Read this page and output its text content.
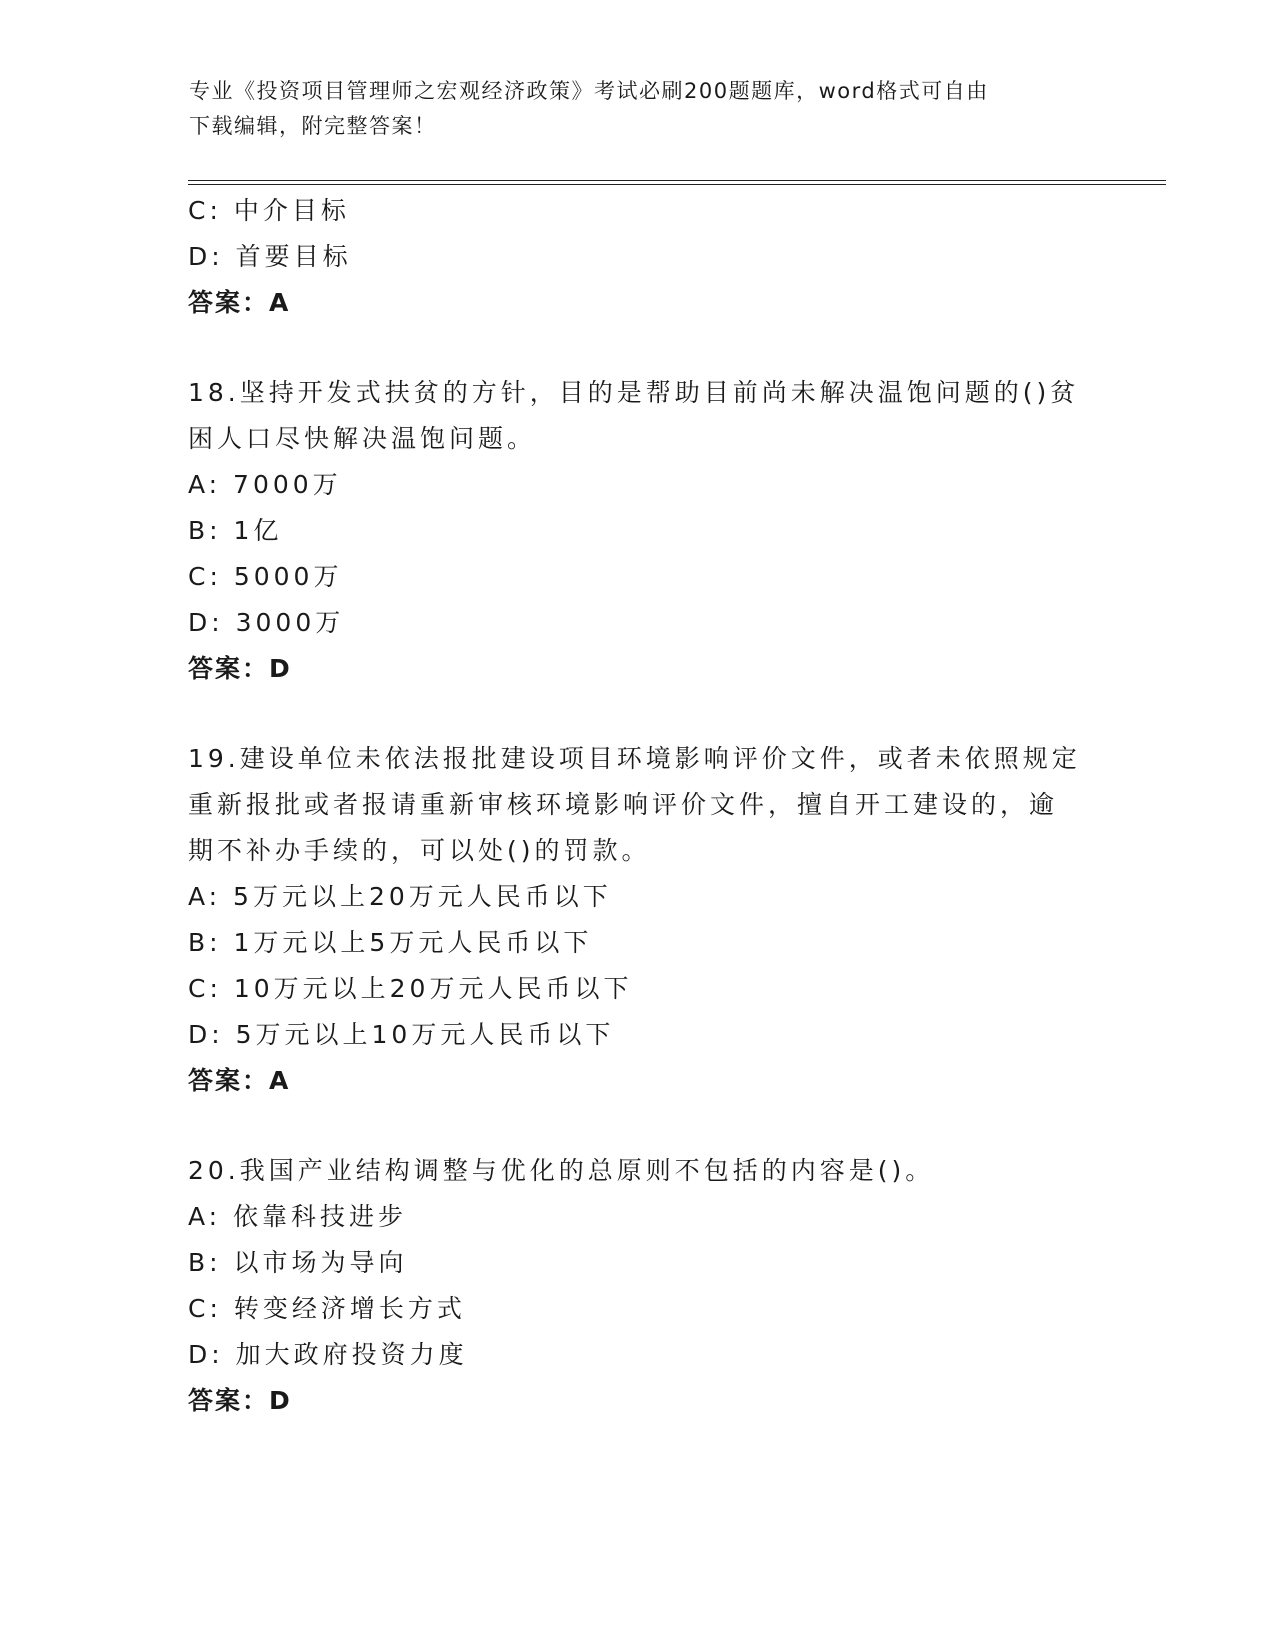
专业《投资项目管理师之宏观经济政策》考试必刷200题题库，word格式可自由
下载编辑，附完整答案！
C: 中介目标
D: 首要目标
答案：A
18.坚持开发式扶贫的方针，目的是帮助目前尚未解决温饱问题的()贫
困人口尽快解决温饱问题。
A: 7000万
B: 1亿
C: 5000万
D: 3000万
答案：D
19.建设单位未依法报批建设项目环境影响评价文件，或者未依照规定
重新报批或者报请重新审核环境影响评价文件，擅自开工建设的，逾
期不补办手续的，可以处()的罚款。
A: 5万元以上20万元人民币以下
B: 1万元以上5万元人民币以下
C: 10万元以上20万元人民币以下
D: 5万元以上10万元人民币以下
答案：A
20.我国产业结构调整与优化的总原则不包括的内容是()。
A: 依靠科技进步
B: 以市场为导向
C: 转变经济增长方式
D: 加大政府投资力度
答案：D
